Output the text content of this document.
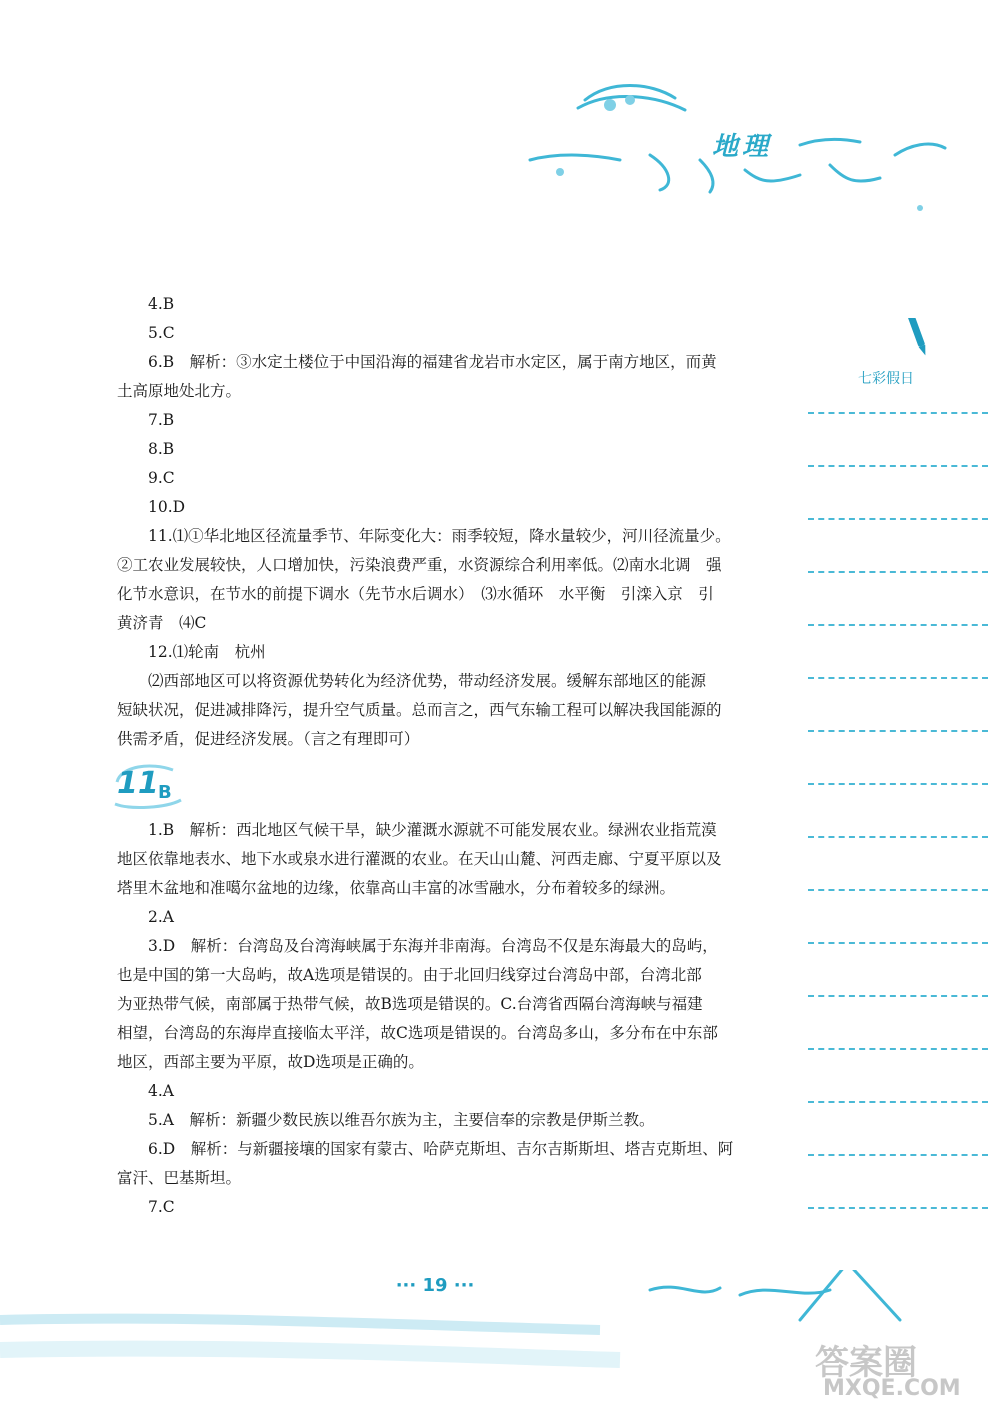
地理
七彩假日

4.B

5.C

6.B　解析：③水定土楼位于中国沿海的福建省龙岩市水定区，属于南方地区，而黄

土高原地处北方。

7.B

8.B

9.C

10.D

11.⑴①华北地区径流量季节、年际变化大：雨季较短，降水量较少，河川径流量少。

②工农业发展较快，人口增加快，污染浪费严重，水资源综合利用率低。⑵南水北调　强

化节水意识，在节水的前提下调水（先节水后调水）　⑶水循环　水平衡　引滦入京　引

黄济青　⑷C

12.⑴轮南　杭州

⑵西部地区可以将资源优势转化为经济优势，带动经济发展。缓解东部地区的能源

短缺状况，促进减排降污，提升空气质量。总而言之，西气东输工程可以解决我国能源的

供需矛盾，促进经济发展。（言之有理即可）

11 B

1.B　解析：西北地区气候干旱，缺少灌溉水源就不可能发展农业。绿洲农业指荒漠

地区依靠地表水、地下水或泉水进行灌溉的农业。在天山山麓、河西走廊、宁夏平原以及

塔里木盆地和准噶尔盆地的边缘，依靠高山丰富的冰雪融水，分布着较多的绿洲。

2.A

3.D　解析：台湾岛及台湾海峡属于东海并非南海。台湾岛不仅是东海最大的岛屿，

也是中国的第一大岛屿，故A选项是错误的。由于北回归线穿过台湾岛中部，台湾北部

为亚热带气候，南部属于热带气候，故B选项是错误的。C.台湾省西隔台湾海峡与福建

相望，台湾岛的东海岸直接临太平洋，故C选项是错误的。台湾岛多山，多分布在中东部

地区，西部主要为平原，故D选项是正确的。

4.A

5.A　解析：新疆少数民族以维吾尔族为主，主要信奉的宗教是伊斯兰教。

6.D　解析：与新疆接壤的国家有蒙古、哈萨克斯坦、吉尔吉斯斯坦、塔吉克斯坦、阿

富汗、巴基斯坦。

7.C

··· 19 ···
答案圈
MXQE.COM
